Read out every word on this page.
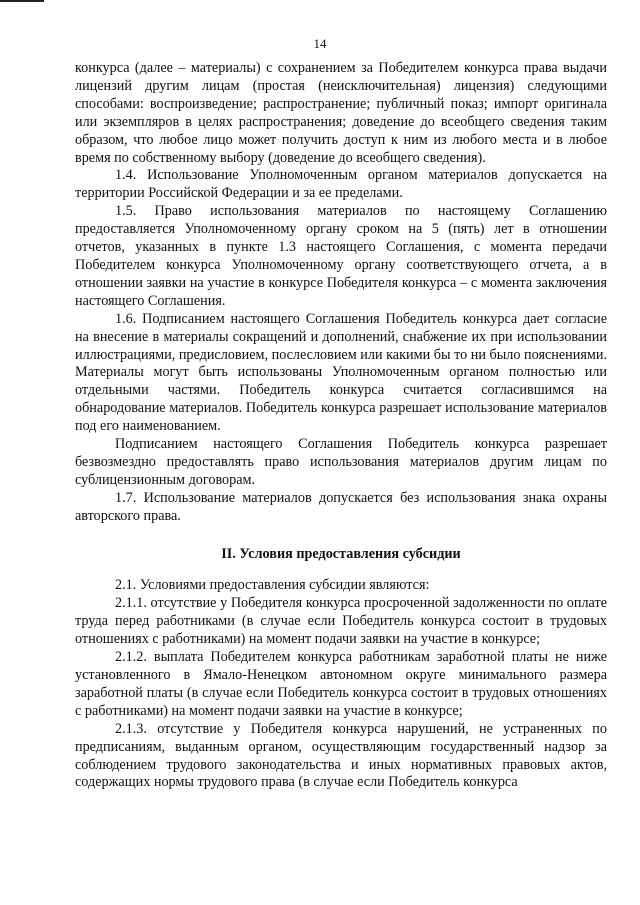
14

конкурса (далее – материалы) с сохранением за Победителем конкурса права выдачи лицензий другим лицам (простая (неисключительная) лицензия) следующими способами: воспроизведение; распространение; публичный показ; импорт оригинала или экземпляров в целях распространения; доведение до всеобщего сведения таким образом, что любое лицо может получить доступ к ним из любого места и в любое время по собственному выбору (доведение до всеобщего сведения).

1.4. Использование Уполномоченным органом материалов допускается на территории Российской Федерации и за ее пределами.

1.5. Право использования материалов по настоящему Соглашению предоставляется Уполномоченному органу сроком на 5 (пять) лет в отношении отчетов, указанных в пункте 1.3 настоящего Соглашения, с момента передачи Победителем конкурса Уполномоченному органу соответствующего отчета, а в отношении заявки на участие в конкурсе Победителя конкурса – с момента заключения настоящего Соглашения.

1.6. Подписанием настоящего Соглашения Победитель конкурса дает согласие на внесение в материалы сокращений и дополнений, снабжение их при использовании иллюстрациями, предисловием, послесловием или какими бы то ни было пояснениями. Материалы могут быть использованы Уполномоченным органом полностью или отдельными частями. Победитель конкурса считается согласившимся на обнародование материалов. Победитель конкурса разрешает использование материалов под его наименованием.

Подписанием настоящего Соглашения Победитель конкурса разрешает безвозмездно предоставлять право использования материалов другим лицам по сублицензионным договорам.

1.7. Использование материалов допускается без использования знака охраны авторского права.

II. Условия предоставления субсидии

2.1. Условиями предоставления субсидии являются:

2.1.1. отсутствие у Победителя конкурса просроченной задолженности по оплате труда перед работниками (в случае если Победитель конкурса состоит в трудовых отношениях с работниками) на момент подачи заявки на участие в конкурсе;

2.1.2. выплата Победителем конкурса работникам заработной платы не ниже установленного в Ямало-Ненецком автономном округе минимального размера заработной платы (в случае если Победитель конкурса состоит в трудовых отношениях с работниками) на момент подачи заявки на участие в конкурсе;

2.1.3. отсутствие у Победителя конкурса нарушений, не устраненных по предписаниям, выданным органом, осуществляющим государственный надзор за соблюдением трудового законодательства и иных нормативных правовых актов, содержащих нормы трудового права (в случае если Победитель конкурса
